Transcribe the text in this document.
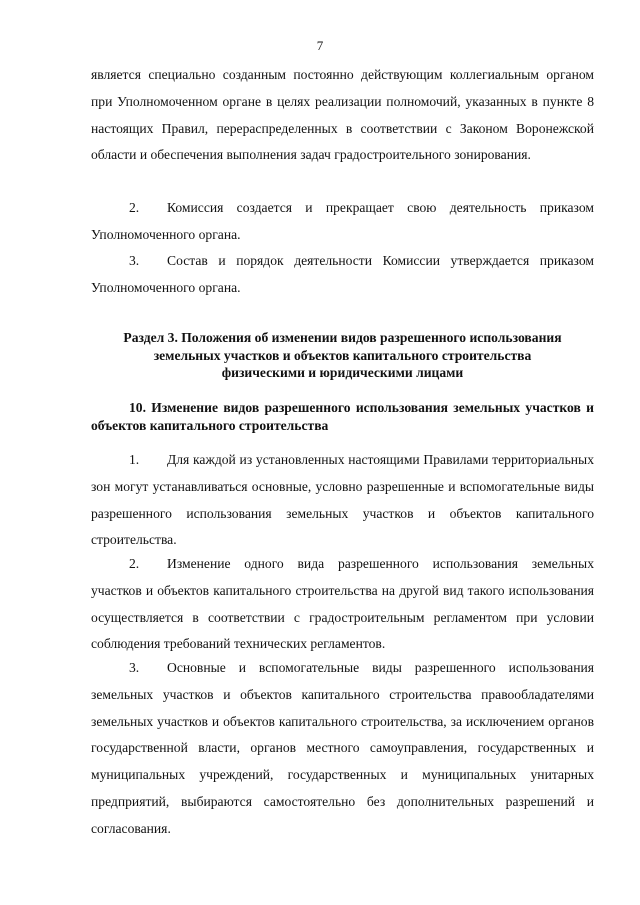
7

является специально созданным постоянно действующим коллегиальным органом при Уполномоченном органе в целях реализации полномочий, указанных в пункте 8 настоящих Правил, перераспределенных в соответствии с Законом Воронежской области и обеспечения выполнения задач градостроительного зонирования.

2. Комиссия создается и прекращает свою деятельность приказом Уполномоченного органа.

3. Состав и порядок деятельности Комиссии утверждается приказом Уполномоченного органа.

Раздел 3. Положения об изменении видов разрешенного использования земельных участков и объектов капитального строительства физическими и юридическими лицами
10. Изменение видов разрешенного использования земельных участков и объектов капитального строительства

1. Для каждой из установленных настоящими Правилами территориальных зон могут устанавливаться основные, условно разрешенные и вспомогательные виды разрешенного использования земельных участков и объектов капитального строительства.

2. Изменение одного вида разрешенного использования земельных участков и объектов капитального строительства на другой вид такого использования осуществляется в соответствии с градостроительным регламентом при условии соблюдения требований технических регламентов.

3. Основные и вспомогательные виды разрешенного использования земельных участков и объектов капитального строительства правообладателями земельных участков и объектов капитального строительства, за исключением органов государственной власти, органов местного самоуправления, государственных и муниципальных учреждений, государственных и муниципальных унитарных предприятий, выбираются самостоятельно без дополнительных разрешений и согласования.
